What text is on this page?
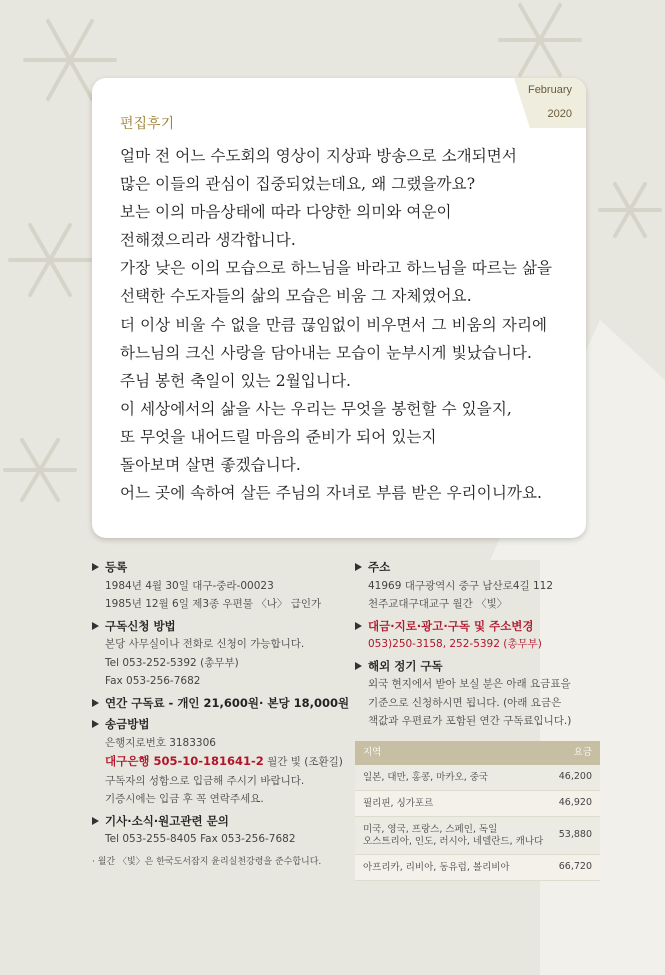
February
2020
편집후기
얼마 전 어느 수도회의 영상이 지상파 방송으로 소개되면서
많은 이들의 관심이 집중되었는데요, 왜 그랬을까요?
보는 이의 마음상태에 따라 다양한 의미와 여운이
전해졌으리라 생각합니다.
가장 낮은 이의 모습으로 하느님을 바라고 하느님을 따르는 삶을
선택한 수도자들의 삶의 모습은 비움 그 자체였어요.
더 이상 비울 수 없을 만큼 끊임없이 비우면서 그 비움의 자리에
하느님의 크신 사랑을 담아내는 모습이 눈부시게 빛났습니다.
주님 봉헌 축일이 있는 2월입니다.
이 세상에서의 삶을 사는 우리는 무엇을 봉헌할 수 있을지,
또 무엇을 내어드릴 마음의 준비가 되어 있는지
돌아보며 살면 좋겠습니다.
어느 곳에 속하여 살든 주님의 자녀로 부름 받은 우리이니까요.
등록
1984년 4월 30일 대구-중라-00023
1985년 12월 6일 제3종 우편물 〈나〉 급인가
구독신청 방법
본당 사무실이나 전화로 신청이 가능합니다.
Tel 053-252-5392 (총무부)
Fax 053-256-7682
연간 구독료 - 개인 21,600원· 본당 18,000원
송금방법
은행지로번호 3183306
대구은행 505-10-181641-2 월간 빛 (조환길)
구독자의 성함으로 입금해 주시기 바랍니다.
기증시에는 입금 후 꼭 연락주세요.
기사·소식·원고관련 문의
Tel 053-255-8405 Fax 053-256-7682
· 월간 〈빛〉은 한국도서잡지 윤리실천강령을 준수합니다.
주소
41969 대구광역시 중구 남산로4길 112
천주교대구대교구 월간 〈빛〉
대금·지로·광고·구독 및 주소변경
053)250-3158, 252-5392 (총무부)
해외 정기 구독
외국 현지에서 받아 보실 분은 아래 요금표을
기준으로 신청하시면 됩니다. (아래 요금은
책값과 우편료가 포함된 연간 구독료입니다.)
지역	요금
일본, 대만, 홍콩, 마카오, 중국	46,200
필리핀, 싱가포르	46,920
미국, 영국, 프랑스, 스페인, 독일
오스트리아, 인도, 러시아, 네델란드, 캐나다
53,880
아프리카, 리비아, 동유럽, 볼리비아	66,720
